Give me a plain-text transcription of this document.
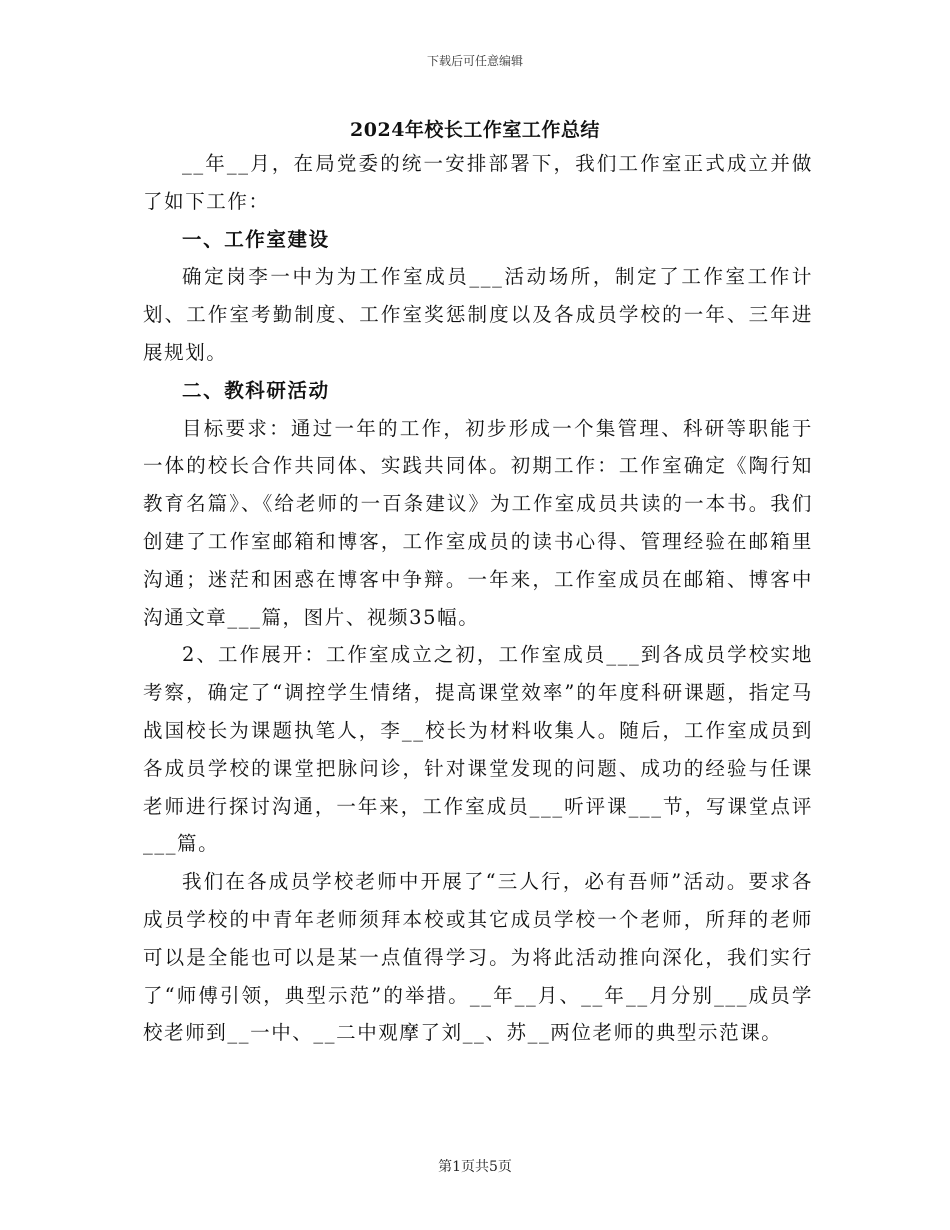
下载后可任意编辑
2024年校长工作室工作总结

__年__月，在局党委的统一安排部署下，我们工作室正式成立并做了如下工作：

一、工作室建设

确定岗李一中为为工作室成员___活动场所，制定了工作室工作计划、工作室考勤制度、工作室奖惩制度以及各成员学校的一年、三年进展规划。

二、教科研活动

目标要求：通过一年的工作，初步形成一个集管理、科研等职能于一体的校长合作共同体、实践共同体。初期工作：工作室确定《陶行知教育名篇》、《给老师的一百条建议》为工作室成员共读的一本书。我们创建了工作室邮箱和博客，工作室成员的读书心得、管理经验在邮箱里沟通；迷茫和困惑在博客中争辩。一年来，工作室成员在邮箱、博客中沟通文章___篇，图片、视频35幅。

2、工作展开：工作室成立之初，工作室成员___到各成员学校实地考察，确定了“调控学生情绪，提高课堂效率”的年度科研课题，指定马战国校长为课题执笔人，李__校长为材料收集人。随后，工作室成员到各成员学校的课堂把脉问诊，针对课堂发现的问题、成功的经验与任课老师进行探讨沟通，一年来，工作室成员___听评课___节，写课堂点评___篇。

我们在各成员学校老师中开展了“三人行，必有吾师”活动。要求各成员学校的中青年老师须拜本校或其它成员学校一个老师，所拜的老师可以是全能也可以是某一点值得学习。为将此活动推向深化，我们实行了“师傅引领，典型示范”的举措。__年__月、__年__月分别___成员学校老师到__一中、__二中观摩了刘__、苏__两位老师的典型示范课。

第1页共5页
